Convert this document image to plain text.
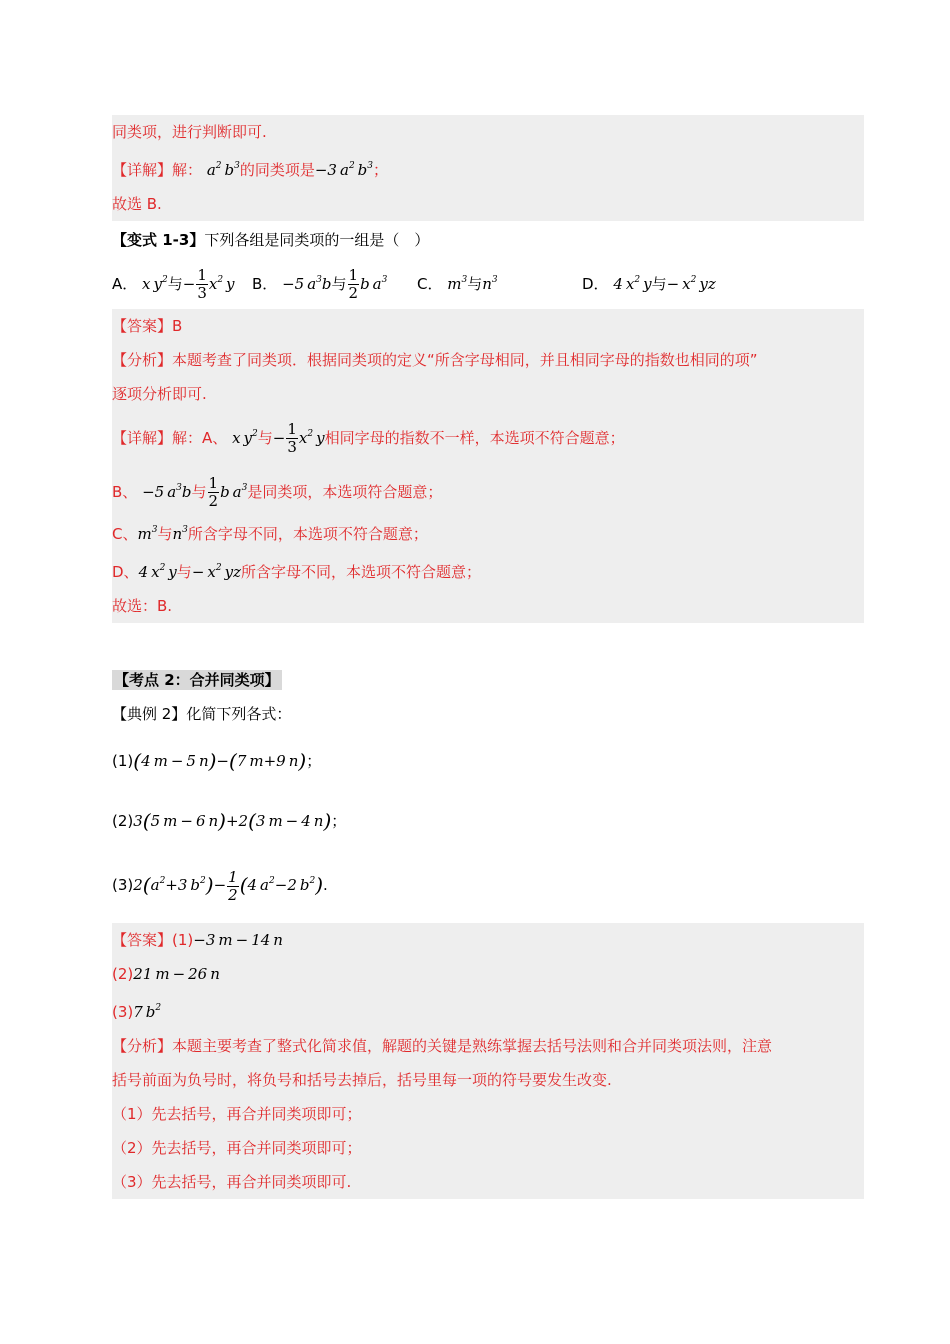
同类项，进行判断即可.
【详解】解： $a^2$ $b^3$的同类项是−3 $a^2$ $b^3$；
故选 B.
【变式 1-3】下列各组是同类项的一组是（　）
A． x $y^2$与− $\frac{1}{3} x^2$ y B． −5 $a^3b$与 $\frac{1}{2}$ b $a^3$ C． $m^3$与$n^3$	D． 4 $x^2$ y与− $x^2$ yz
【答案】B
【分析】本题考查了同类项．根据同类项的定义“所含字母相同，并且相同字母的指数也相同的项”
逐项分析即可.
【详解】解：A、 x $y^2$与− $\frac{1}{3} x^2$ y相同字母的指数不一样，本选项不符合题意；
B、 −5 $a^3b$与 $\frac{1}{2}$ b $a^3$是同类项，本选项符合题意；
C、$m^3$与$n^3$所含字母不同，本选项不符合题意；
D、4 $x^2$ y与− $x^2$ yz所含字母不同，本选项不符合题意；
故选：B.
【考点 2：合并同类项】
【典例 2】化简下列各式：
(1)(4 m −  5 n)−(7 m+9 n)；
(2)3(5 m −  6 n)+2(3 m −  4 n)；
$(3)2(a^2+3$ $b^2)- \frac{1}{2} (4$ $a^2-2$ $b^2$).
【答案】(1)−3 m −  14 n
(2)21 m −  26 n
(3)7 $b^2$
【分析】本题主要考查了整式化简求值，解题的关键是熟练掌握去括号法则和合并同类项法则，注意
括号前面为负号时，将负号和括号去掉后，括号里每一项的符号要发生改变.
（1）先去括号，再合并同类项即可；
（2）先去括号，再合并同类项即可；
（3）先去括号，再合并同类项即可.
